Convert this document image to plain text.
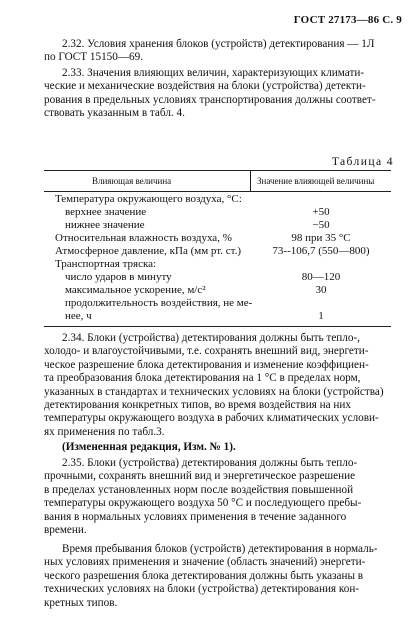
ГОСТ 27173—86 С. 9
2.32. Условия хранения блоков (устройств) детектирования — 1Л
по ГОСТ 15150—69.
2.33. Значения влияющих величин, характеризующих климати-
ческие и механические воздействия на блоки (устройства) детекти-
рования в предельных условиях транспортирования должны соответ-
ствовать указанным в табл. 4.
Таблица 4
Влияющая величина	Значение влияющей величины
Температура окружающего воздуха, °С:
верхнее значение	+50
нижнее значение	−50
Относительная влажность воздуха, %	98 при 35 °С
Атмосферное давление, кПа (мм рт. ст.)	73--106,7 (550—800)
Транспортная тряска:
число ударов в минуту	80—120
максимальное ускорение, м/с²	30
продолжительность воздействия, не ме-
нее, ч	1
2.34. Блоки (устройства) детектирования должны быть тепло-,
холодо- и влагоустойчивыми, т.е. сохранять внешний вид, энергети-
ческое разрешение блока детектирования и изменение коэффициен-
та преобразования блока детектирования на 1 °С в пределах норм,
указанных в стандартах и технических условиях на блоки (устройства)
детектирования конкретных типов, во время воздействия на них
температуры окружающего воздуха в рабочих климатических услови-
ях применения по табл.3.
(Измененная редакция, Изм. № 1).
2.35. Блоки (устройства) детектирования должны быть тепло-
прочными, сохранять внешний вид и энергетическое разрешение
в пределах установленных норм после воздействия повышенной
температуры окружающего воздуха 50 °С и последующего пребы-
вания в нормальных условиях применения в течение заданного
времени.
Время пребывания блоков (устройств) детектирования в нормаль-
ных условиях применения и значение (область значений) энергети-
ческого разрешения блока детектирования должны быть указаны в
технических условиях на блоки (устройства) детектирования кон-
кретных типов.
